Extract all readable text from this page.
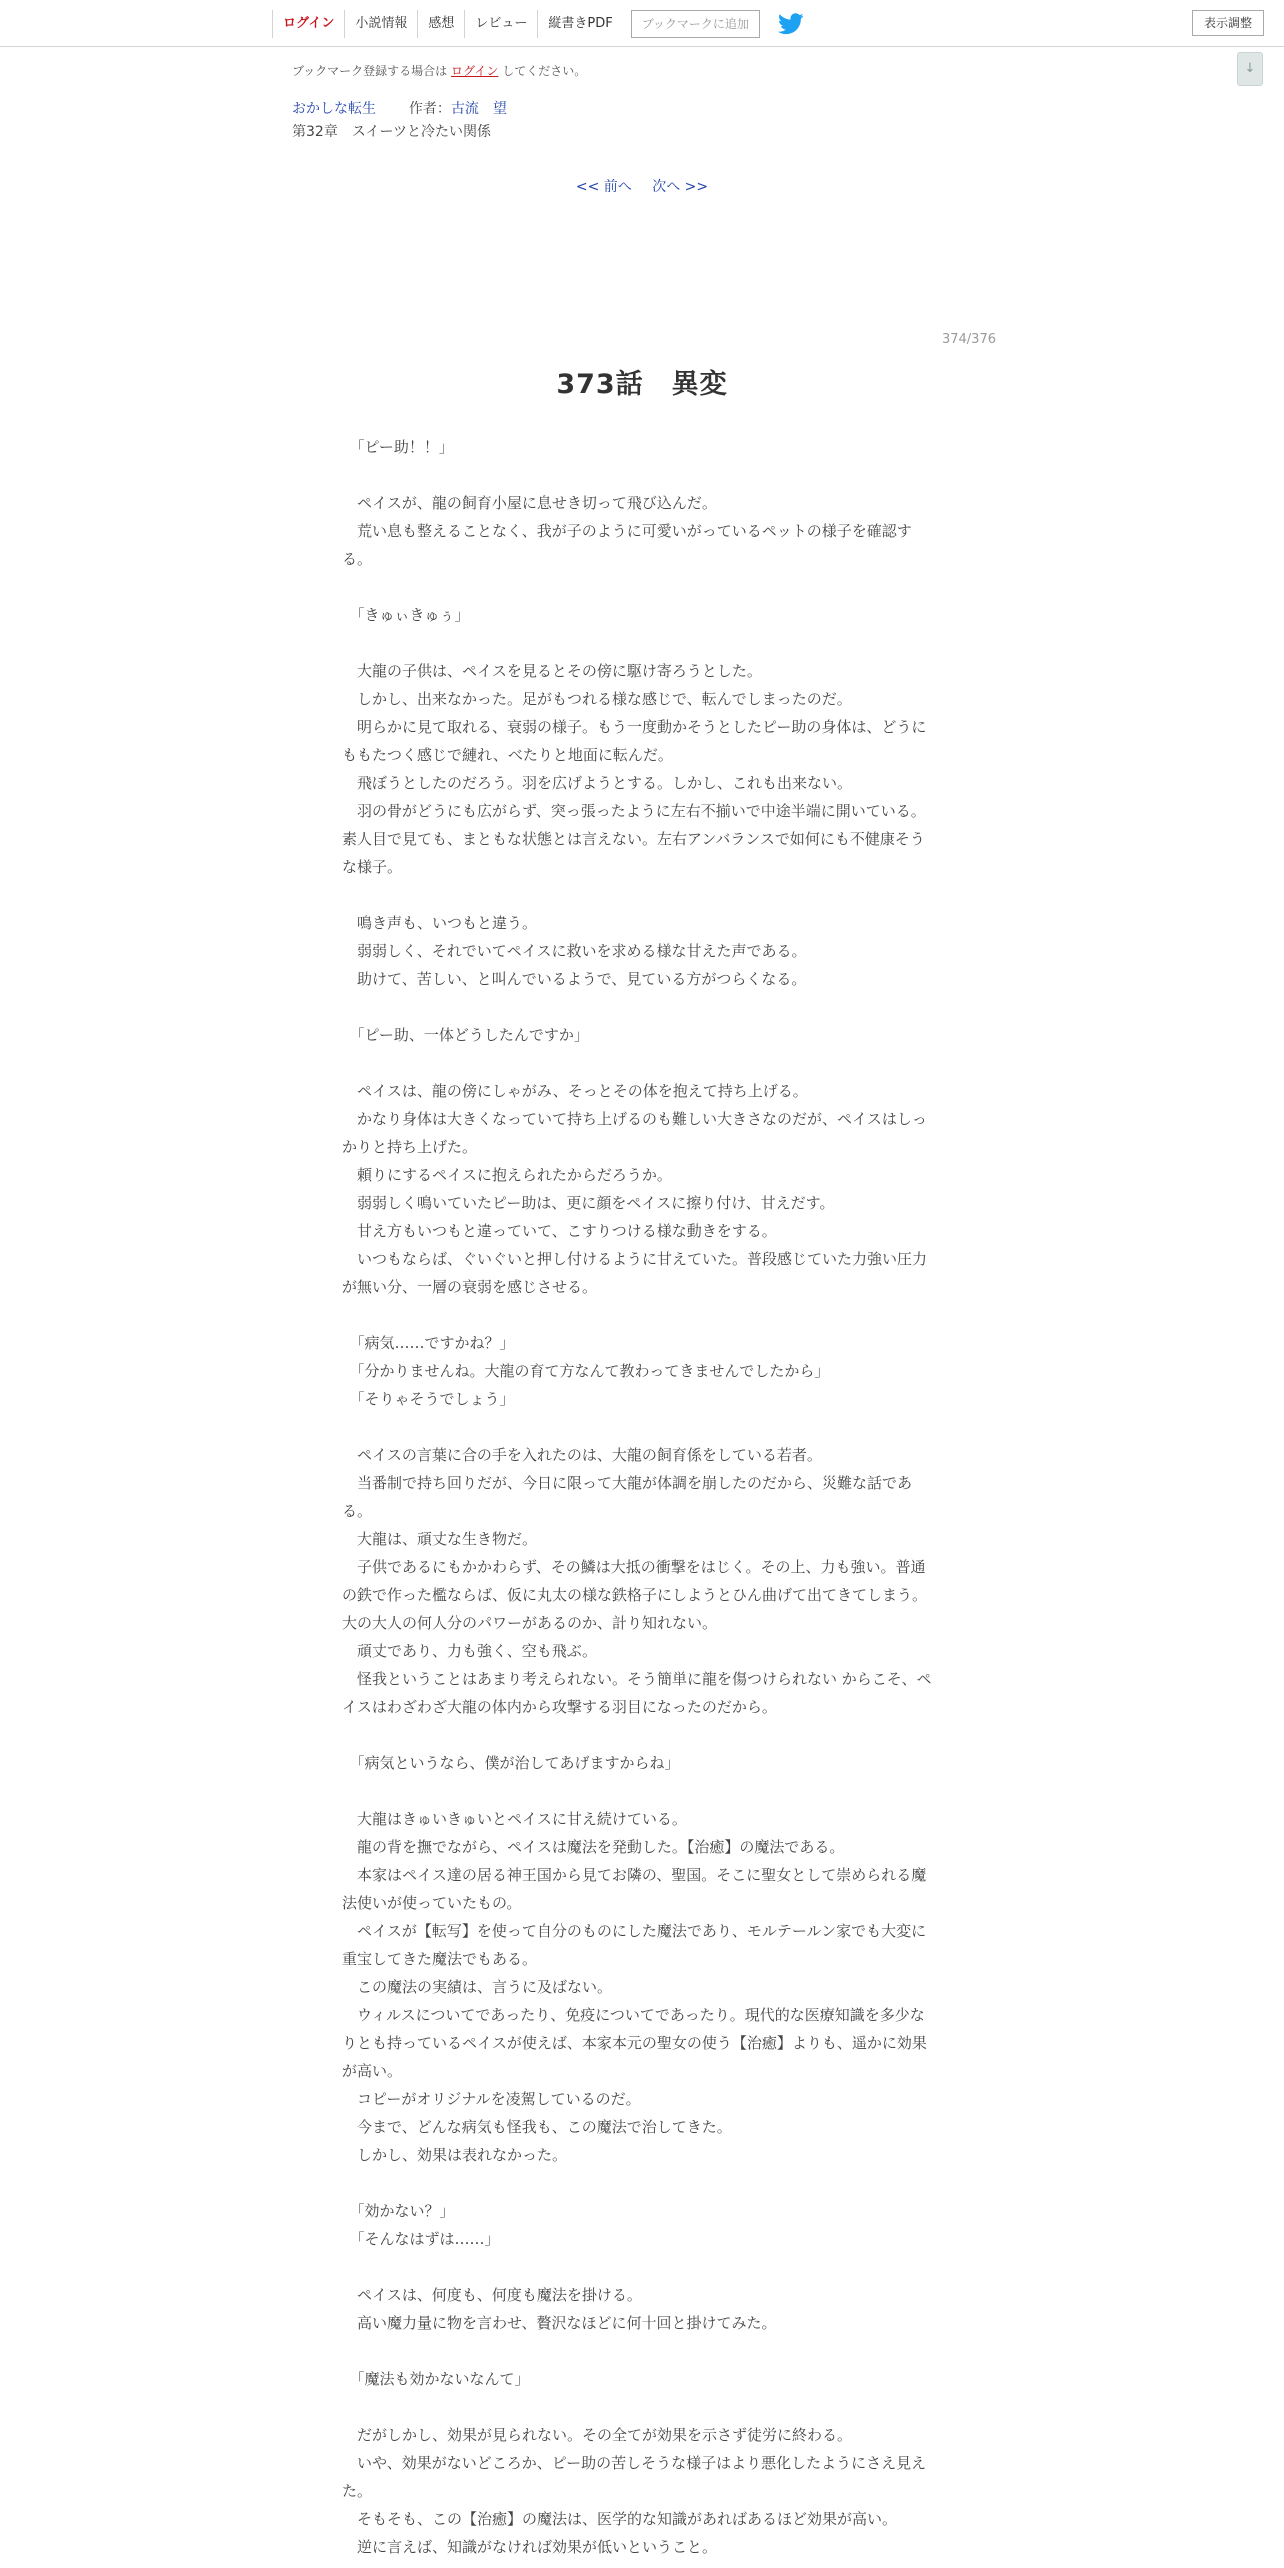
ログイン	小説情報	感想	レビュー	縦書きPDF	ブックマークに追加	表示調整
↓
ブックマーク登録する場合は ログイン してください。
おかしな転生 作者：古流　望
第32章　スイーツと冷たい関係
<< 前へ 次へ >>
374/376
373話　異変
　「ピー助！！」

　ペイスが、龍の飼育小屋に息せき切って飛び込んだ。
　荒い息も整えることなく、我が子のように可愛いがっているペットの様子を確認する。

　「きゅぃきゅぅ」

　大龍の子供は、ペイスを見るとその傍に駆け寄ろうとした。
　しかし、出来なかった。足がもつれる様な感じで、転んでしまったのだ。
　明らかに見て取れる、衰弱の様子。もう一度動かそうとしたピー助の身体は、どうにももたつく感じで縺れ、べたりと地面に転んだ。
　飛ぼうとしたのだろう。羽を広げようとする。しかし、これも出来ない。
　羽の骨がどうにも広がらず、突っ張ったように左右不揃いで中途半端に開いている。素人目で見ても、まともな状態とは言えない。左右アンバランスで如何にも不健康そうな様子。

　鳴き声も、いつもと違う。
　弱弱しく、それでいてペイスに救いを求める様な甘えた声である。
　助けて、苦しい、と叫んでいるようで、見ている方がつらくなる。

　「ピー助、一体どうしたんですか」

　ペイスは、龍の傍にしゃがみ、そっとその体を抱えて持ち上げる。
　かなり身体は大きくなっていて持ち上げるのも難しい大きさなのだが、ペイスはしっかりと持ち上げた。
　頼りにするペイスに抱えられたからだろうか。
　弱弱しく鳴いていたピー助は、更に顔をペイスに擦り付け、甘えだす。
　甘え方もいつもと違っていて、こすりつける様な動きをする。
　いつもならば、ぐいぐいと押し付けるように甘えていた。普段感じていた力強い圧力が無い分、一層の衰弱を感じさせる。

　「病気……ですかね？」
　「分かりませんね。大龍の育て方なんて教わってきませんでしたから」
　「そりゃそうでしょう」

　ペイスの言葉に合の手を入れたのは、大龍の飼育係をしている若者。
　当番制で持ち回りだが、今日に限って大龍が体調を崩したのだから、災難な話である。
　大龍は、頑丈な生き物だ。
　子供であるにもかかわらず、その鱗は大抵の衝撃をはじく。その上、力も強い。普通の鉄で作った檻ならば、仮に丸太の様な鉄格子にしようとひん曲げて出てきてしまう。大の大人の何人分のパワーがあるのか、計り知れない。
　頑丈であり、力も強く、空も飛ぶ。
　怪我ということはあまり考えられない。そう簡単に龍を傷つけられない からこそ、ペイスはわざわざ大龍の体内から攻撃する羽目になったのだから。

　「病気というなら、僕が治してあげますからね」

　大龍はきゅいきゅいとペイスに甘え続けている。
　龍の背を撫でながら、ペイスは魔法を発動した。【治癒】の魔法である。
　本家はペイス達の居る神王国から見てお隣の、聖国。そこに聖女として崇められる魔法使いが使っていたもの。
　ペイスが【転写】を使って自分のものにした魔法であり、モルテールン家でも大変に重宝してきた魔法でもある。
　この魔法の実績は、言うに及ばない。
　ウィルスについてであったり、免疫についてであったり。現代的な医療知識を多少なりとも持っているペイスが使えば、本家本元の聖女の使う【治癒】よりも、遥かに効果が高い。
　コピーがオリジナルを凌駕しているのだ。
　今まで、どんな病気も怪我も、この魔法で治してきた。
　しかし、効果は表れなかった。

　「効かない？」
　「そんなはずは……」

　ペイスは、何度も、何度も魔法を掛ける。
　高い魔力量に物を言わせ、贅沢なほどに何十回と掛けてみた。

　「魔法も効かないなんて」

　だがしかし、効果が見られない。その全てが効果を示さず徒労に終わる。
　いや、効果がないどころか、ピー助の苦しそうな様子はより悪化したようにさえ見えた。
　そもそも、この【治癒】の魔法は、医学的な知識があればあるほど効果が高い。
　逆に言えば、知識がなければ効果が低いということ。
